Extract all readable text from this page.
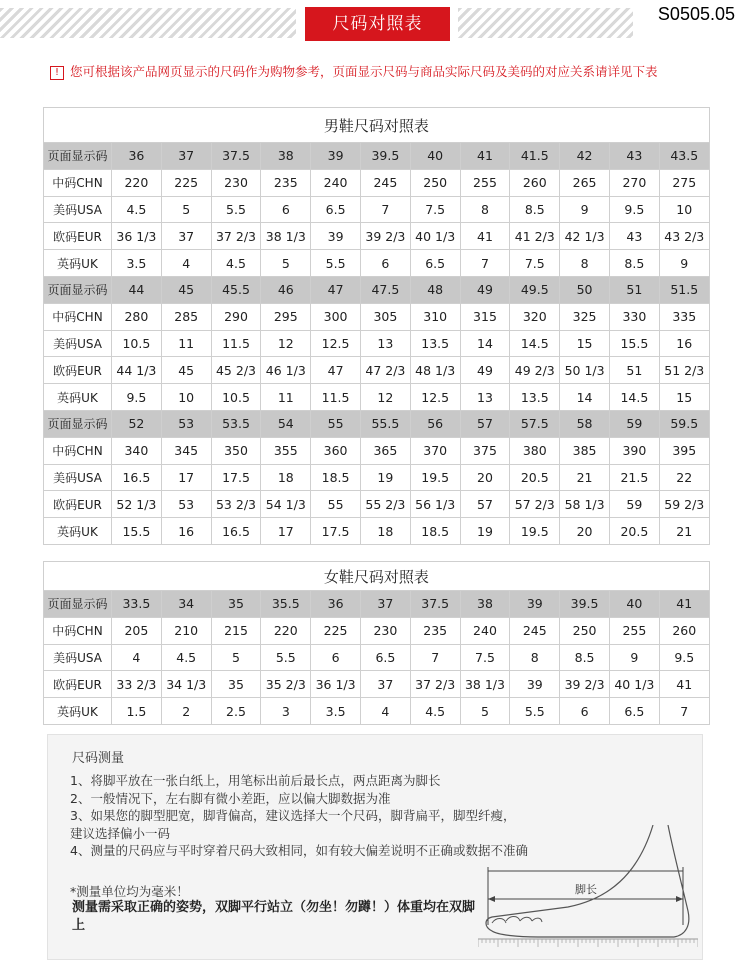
尺码对照表	S0505.05
! 您可根据该产品网页显示的尺码作为购物参考，页面显示尺码与商品实际尺码及美码的对应关系请详见下表
男鞋尺码对照表												
页面显示码	36	37	37.5	38	39	39.5	40	41	41.5	42	43	43.5
中码CHN	220	225	230	235	240	245	250	255	260	265	270	275
美码USA	4.5	5	5.5	6	6.5	7	7.5	8	8.5	9	9.5	10
欧码EUR	36 1/3	37	37 2/3	38 1/3	39	39 2/3	40 1/3	41	41 2/3	42 1/3	43	43 2/3
英码UK	3.5	4	4.5	5	5.5	6	6.5	7	7.5	8	8.5	9
页面显示码	44	45	45.5	46	47	47.5	48	49	49.5	50	51	51.5
中码CHN	280	285	290	295	300	305	310	315	320	325	330	335
美码USA	10.5	11	11.5	12	12.5	13	13.5	14	14.5	15	15.5	16
欧码EUR	44 1/3	45	45 2/3	46 1/3	47	47 2/3	48 1/3	49	49 2/3	50 1/3	51	51 2/3
英码UK	9.5	10	10.5	11	11.5	12	12.5	13	13.5	14	14.5	15
页面显示码	52	53	53.5	54	55	55.5	56	57	57.5	58	59	59.5
中码CHN	340	345	350	355	360	365	370	375	380	385	390	395
美码USA	16.5	17	17.5	18	18.5	19	19.5	20	20.5	21	21.5	22
欧码EUR	52 1/3	53	53 2/3	54 1/3	55	55 2/3	56 1/3	57	57 2/3	58 1/3	59	59 2/3
英码UK	15.5	16	16.5	17	17.5	18	18.5	19	19.5	20	20.5	21
女鞋尺码对照表												
页面显示码	33.5	34	35	35.5	36	37	37.5	38	39	39.5	40	41
中码CHN	205	210	215	220	225	230	235	240	245	250	255	260
美码USA	4	4.5	5	5.5	6	6.5	7	7.5	8	8.5	9	9.5
欧码EUR	33 2/3	34 1/3	35	35 2/3	36 1/3	37	37 2/3	38 1/3	39	39 2/3	40 1/3	41
英码UK	1.5	2	2.5	3	3.5	4	4.5	5	5.5	6	6.5	7
尺码测量
1、将脚平放在一张白纸上，用笔标出前后最长点，两点距离为脚长
2、一般情况下，左右脚有微小差距，应以偏大脚数据为准
3、如果您的脚型肥宽，脚背偏高，建议选择大一个尺码，脚背扁平，脚型纤瘦，
建议选择偏小一码
4、测量的尺码应与平时穿着尺码大致相同，如有较大偏差说明不正确或数据不准确
*测量单位均为毫米！
测量需采取正确的姿势，双脚平行站立（勿坐！勿蹲！）体重均在双脚上
脚长
